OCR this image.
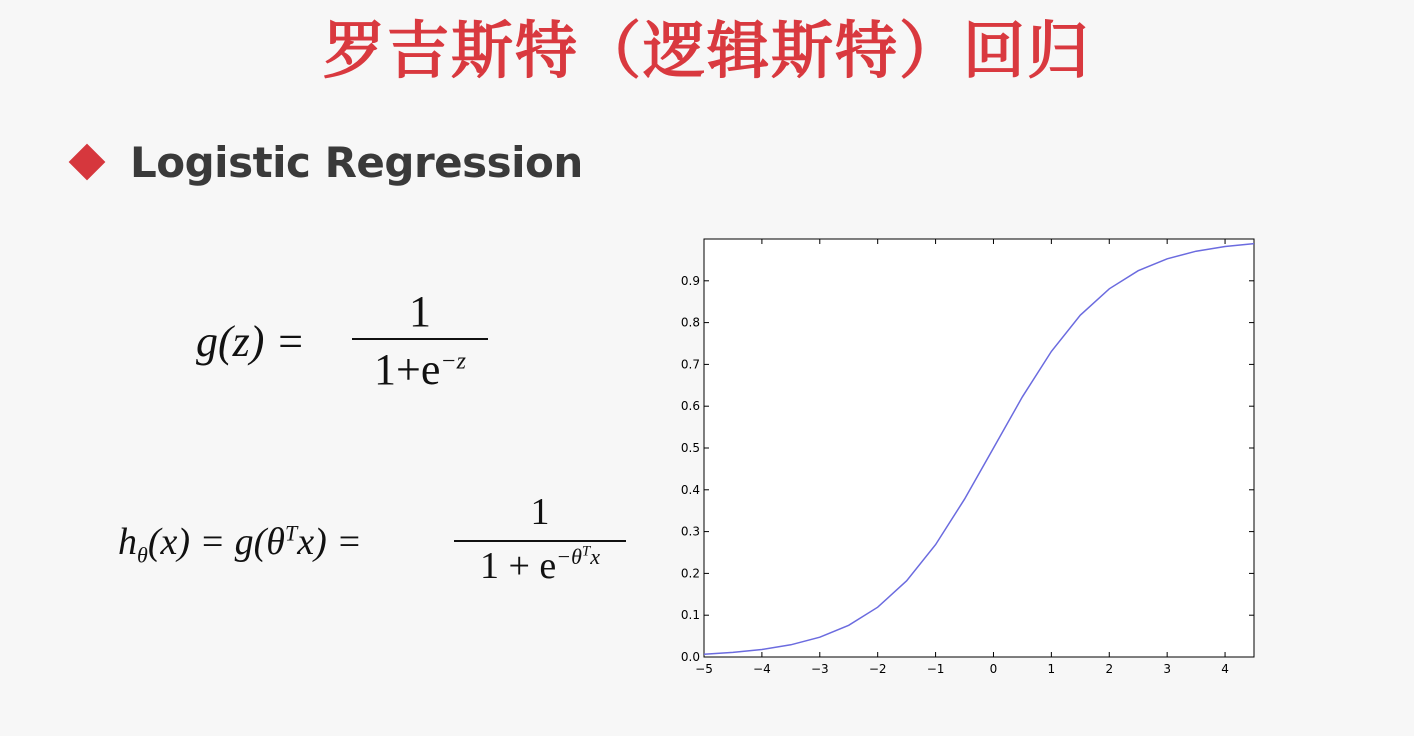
罗吉斯特（逻辑斯特）回归
Logistic Regression
g(z) =
1
$1+e^{-z}$
$h_\theta(x) = g(\theta^Tx)$ =
1
$1 + e^{-\theta^Tx}$
−5	−4	−3	−2	−1	0	1	2	3	4
0.0
0.1
0.2
0.3
0.4
0.5
0.6
0.7
0.8
0.9
